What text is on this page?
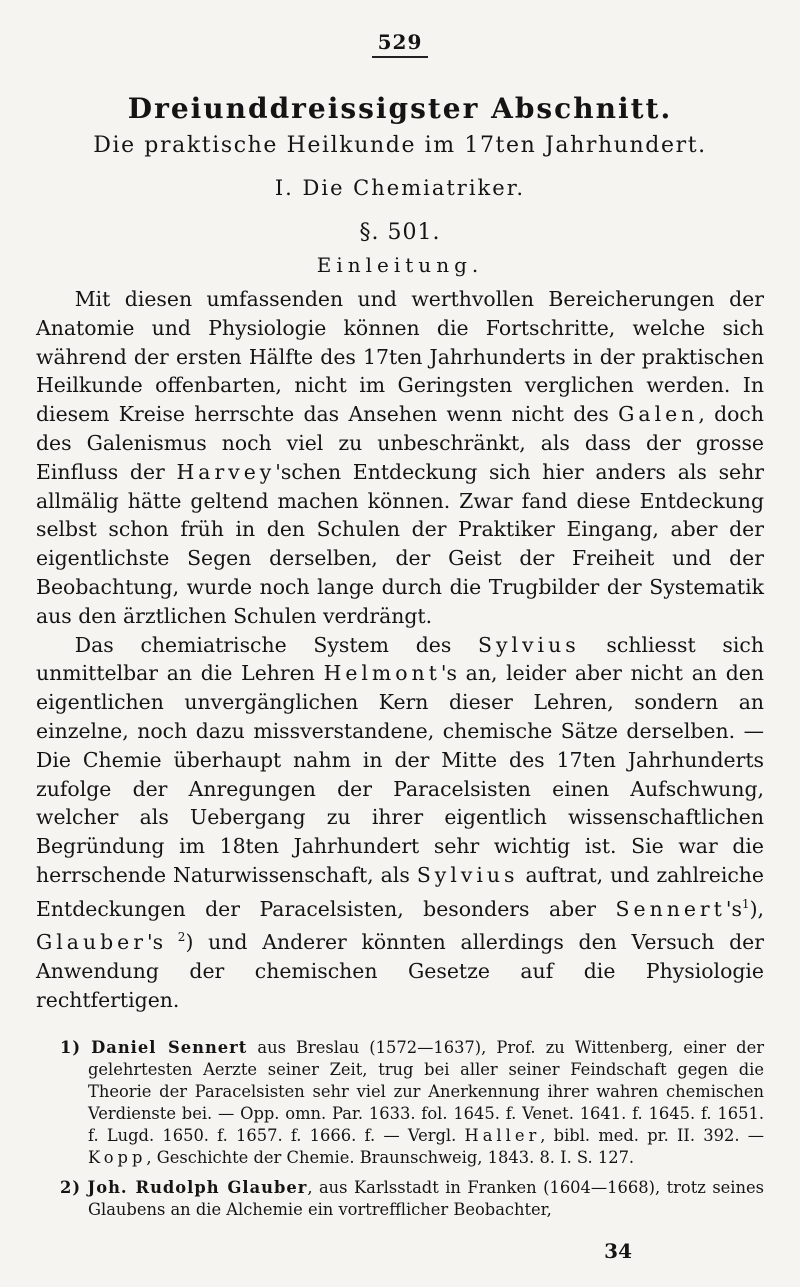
529
Dreiunddreissigster Abschnitt.
Die praktische Heilkunde im 17ten Jahrhundert.
I. Die Chemiatriker.
§. 501.
Einleitung.

Mit diesen umfassenden und werthvollen Bereicherungen der Anatomie und Physiologie können die Fortschritte, welche sich während der ersten Hälfte des 17ten Jahrhunderts in der praktischen Heilkunde offenbarten, nicht im Geringsten verglichen werden. In diesem Kreise herrschte das Ansehen wenn nicht des Galen, doch des Galenismus noch viel zu unbeschränkt, als dass der grosse Einfluss der Harvey'schen Entdeckung sich hier anders als sehr allmälig hätte geltend machen können. Zwar fand diese Entdeckung selbst schon früh in den Schulen der Praktiker Eingang, aber der eigentlichste Segen derselben, der Geist der Freiheit und der Beobachtung, wurde noch lange durch die Trugbilder der Systematik aus den ärztlichen Schulen verdrängt.

Das chemiatrische System des Sylvius schliesst sich unmittelbar an die Lehren Helmont's an, leider aber nicht an den eigentlichen unvergänglichen Kern dieser Lehren, sondern an einzelne, noch dazu missverstandene, chemische Sätze derselben. — Die Chemie überhaupt nahm in der Mitte des 17ten Jahrhunderts zufolge der Anregungen der Paracelsisten einen Aufschwung, welcher als Uebergang zu ihrer eigentlich wissenschaftlichen Begründung im 18ten Jahrhundert sehr wichtig ist. Sie war die herrschende Naturwissenschaft, als Sylvius auftrat, und zahlreiche Entdeckungen der Paracelsisten, besonders aber $Sennert's^1$), Glauber's $^2$) und Anderer könnten allerdings den Versuch der Anwendung der chemischen Gesetze auf die Physiologie rechtfertigen.

1) Daniel Sennert aus Breslau (1572—1637), Prof. zu Wittenberg, einer der gelehrtesten Aerzte seiner Zeit, trug bei aller seiner Feindschaft gegen die Theorie der Paracelsisten sehr viel zur Anerkennung ihrer wahren chemischen Verdienste bei. — Opp. omn. Par. 1633. fol. 1645. f. Venet. 1641. f. 1645. f. 1651. f. Lugd. 1650. f. 1657. f. 1666. f. — Vergl. Haller, bibl. med. pr. II. 392. — Kopp, Geschichte der Chemie. Braunschweig, 1843. 8. I. S. 127.
2) Joh. Rudolph Glauber, aus Karlsstadt in Franken (1604—1668), trotz seines Glaubens an die Alchemie ein vortrefflicher Beobachter,
34
